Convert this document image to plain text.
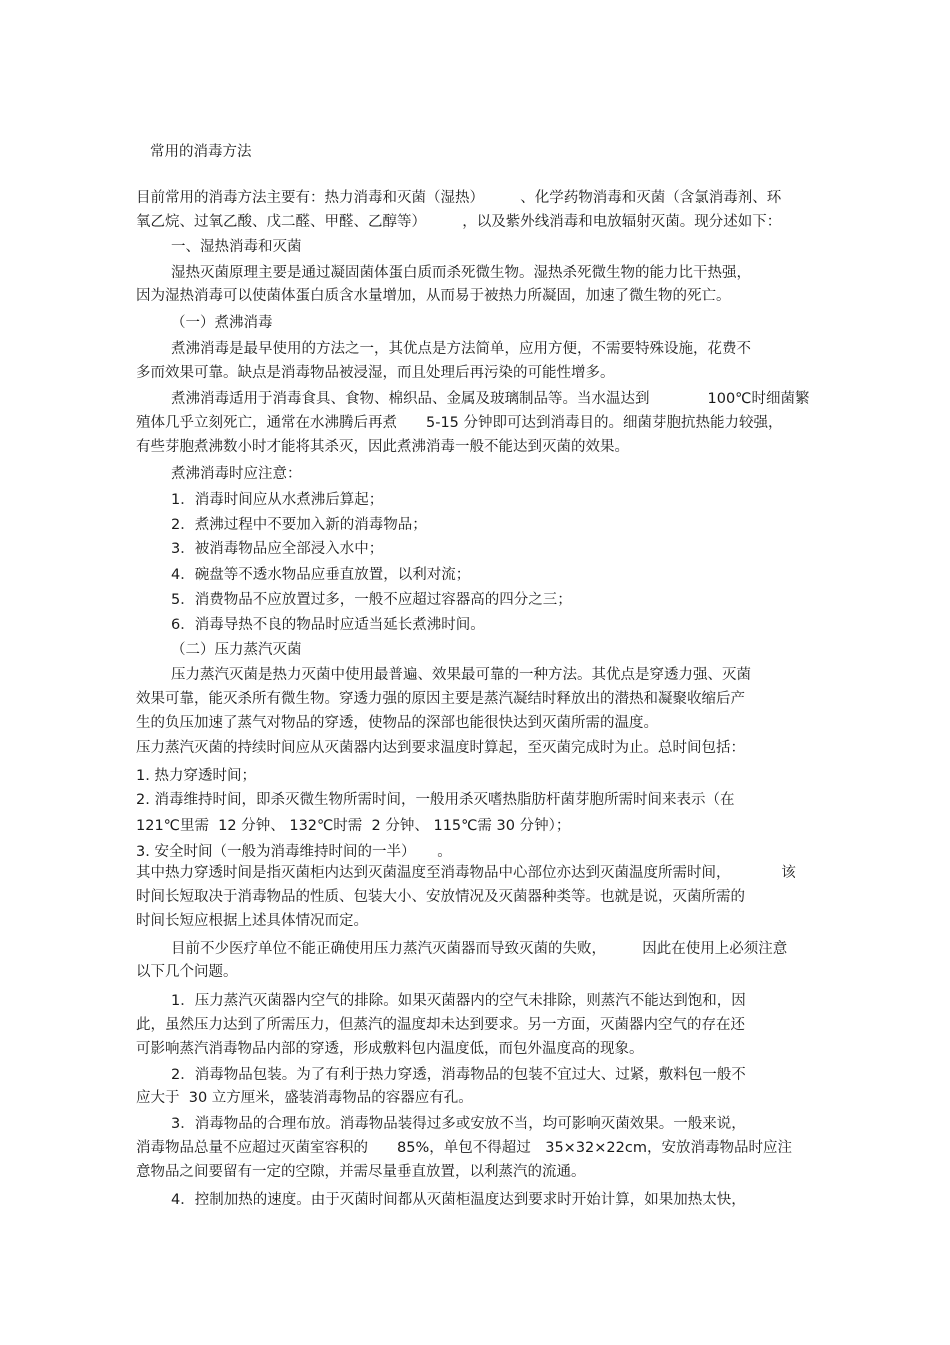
常用的消毒方法
目前常用的消毒方法主要有：热力消毒和灭菌（湿热）　　　、化学药物消毒和灭菌（含氯消毒剂、环
氧乙烷、过氧乙酸、戊二醛、甲醛、乙醇等）　　　，以及紫外线消毒和电放辐射灭菌。现分述如下：
一、湿热消毒和灭菌
湿热灭菌原理主要是通过凝固菌体蛋白质而杀死微生物。湿热杀死微生物的能力比干热强，
因为湿热消毒可以使菌体蛋白质含水量增加，从而易于被热力所凝固，加速了微生物的死亡。
（一）煮沸消毒
煮沸消毒是最早使用的方法之一，其优点是方法简单，应用方便，不需要特殊设施，花费不
多而效果可靠。缺点是消毒物品被浸湿，而且处理后再污染的可能性增多。
煮沸消毒适用于消毒食具、食物、棉织品、金属及玻璃制品等。当水温达到　　　　100℃时细菌繁
殖体几乎立刻死亡，通常在水沸腾后再煮　　5-15 分钟即可达到消毒目的。细菌芽胞抗热能力较强，
有些芽胞煮沸数小时才能将其杀灭，因此煮沸消毒一般不能达到灭菌的效果。
煮沸消毒时应注意：
1．消毒时间应从水煮沸后算起；
2．煮沸过程中不要加入新的消毒物品；
3．被消毒物品应全部浸入水中；
4．碗盘等不透水物品应垂直放置，以利对流；
5．消费物品不应放置过多，一般不应超过容器高的四分之三；
6．消毒导热不良的物品时应适当延长煮沸时间。
（二）压力蒸汽灭菌
压力蒸汽灭菌是热力灭菌中使用最普遍、效果最可靠的一种方法。其优点是穿透力强、灭菌
效果可靠，能灭杀所有微生物。穿透力强的原因主要是蒸汽凝结时释放出的潜热和凝聚收缩后产
生的负压加速了蒸气对物品的穿透，使物品的深部也能很快达到灭菌所需的温度。
压力蒸汽灭菌的持续时间应从灭菌器内达到要求温度时算起，至灭菌完成时为止。总时间包括：
1. 热力穿透时间；
2. 消毒维持时间，即杀灭微生物所需时间，一般用杀灭嗜热脂肪杆菌芽胞所需时间来表示（在
121℃里需  12 分钟、 132℃时需  2 分钟、 115℃需 30 分钟）；
3. 安全时间（一般为消毒维持时间的一半）　　。
其中热力穿透时间是指灭菌柜内达到灭菌温度至消毒物品中心部位亦达到灭菌温度所需时间，　　　　该
时间长短取决于消毒物品的性质、包装大小、安放情况及灭菌器种类等。也就是说，灭菌所需的
时间长短应根据上述具体情况而定。
目前不少医疗单位不能正确使用压力蒸汽灭菌器而导致灭菌的失败，　　　因此在使用上必须注意
以下几个问题。
1．压力蒸汽灭菌器内空气的排除。如果灭菌器内的空气未排除，则蒸汽不能达到饱和，因
此，虽然压力达到了所需压力，但蒸汽的温度却未达到要求。另一方面，灭菌器内空气的存在还
可影响蒸汽消毒物品内部的穿透，形成敷料包内温度低，而包外温度高的现象。
2．消毒物品包装。为了有利于热力穿透，消毒物品的包装不宜过大、过紧，敷料包一般不
应大于  30 立方厘米，盛装消毒物品的容器应有孔。
3．消毒物品的合理布放。消毒物品装得过多或安放不当，均可影响灭菌效果。一般来说，
消毒物品总量不应超过灭菌室容积的　　85%，单包不得超过　35×32×22cm，安放消毒物品时应注
意物品之间要留有一定的空隙，并需尽量垂直放置，以利蒸汽的流通。
4．控制加热的速度。由于灭菌时间都从灭菌柜温度达到要求时开始计算，如果加热太快，
